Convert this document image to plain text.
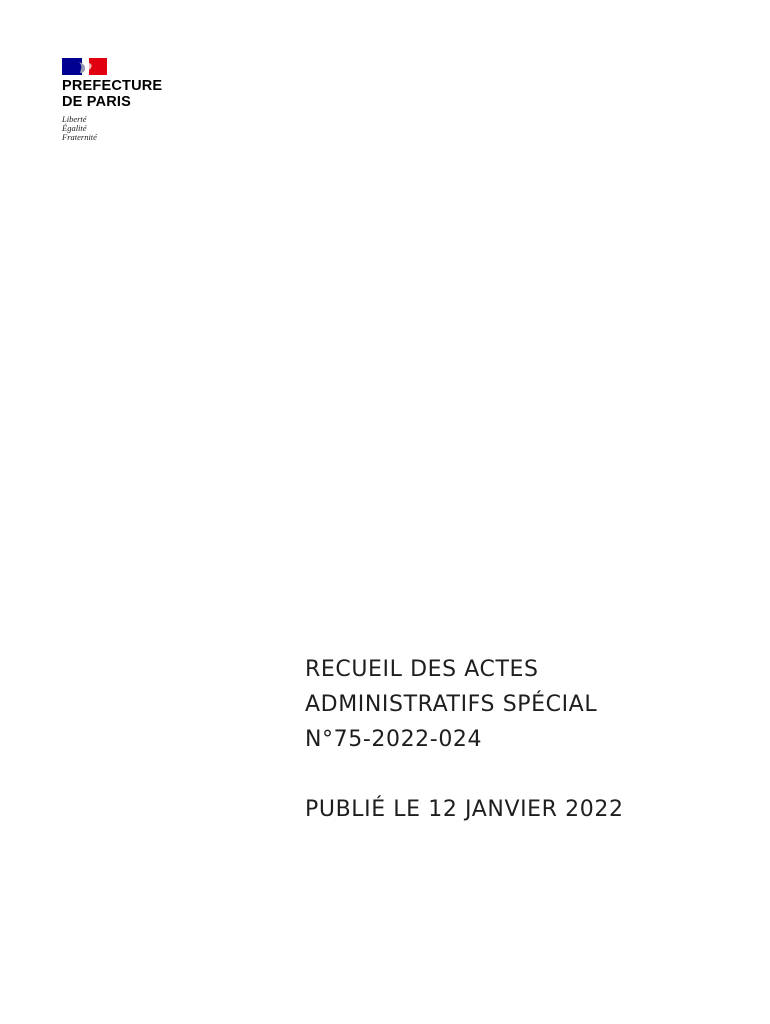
PREFECTURE
DE PARIS
Liberté
Égalité
Fraternité
RECUEIL DES ACTES
ADMINISTRATIFS SPÉCIAL
N°75-2022-024
PUBLIÉ LE 12 JANVIER 2022
